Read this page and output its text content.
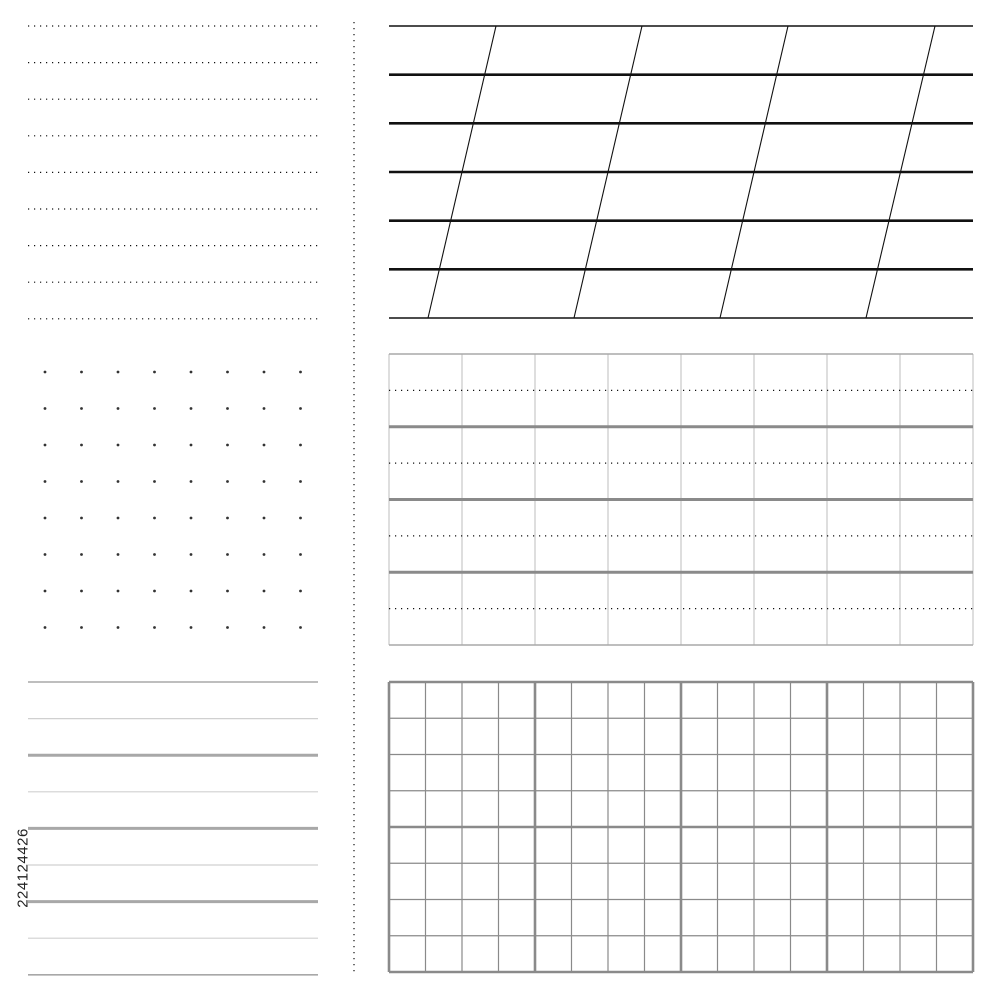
224124426
